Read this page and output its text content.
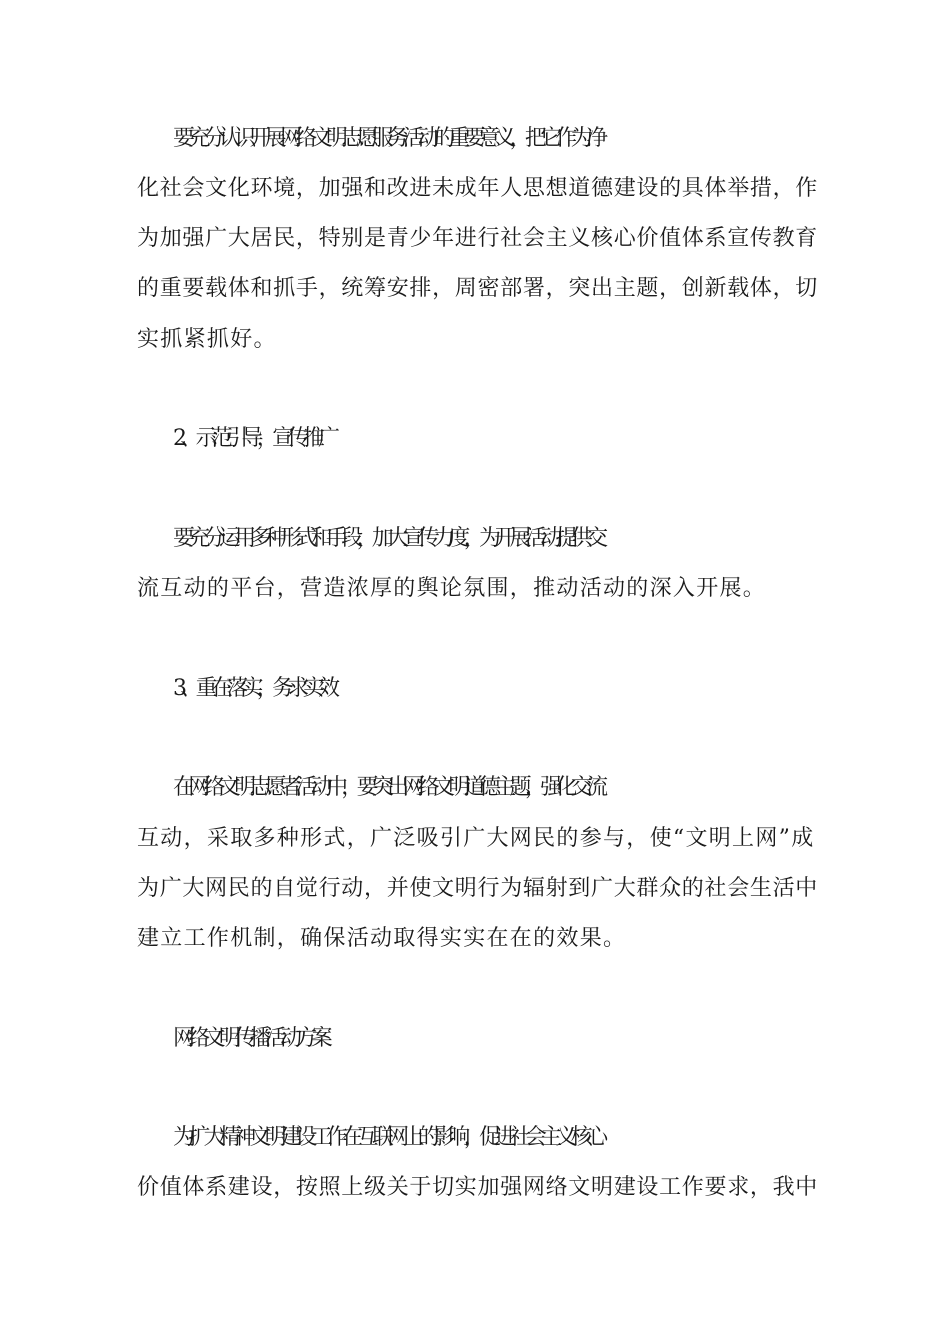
要充分认识开展网络文明志愿服务活动的重要意义，把它作为净
化社会文化环境，加强和改进未成年人思想道德建设的具体举措，作
为加强广大居民，特别是青少年进行社会主义核心价值体系宣传教育
的重要载体和抓手，统筹安排，周密部署，突出主题，创新载体，切
实抓紧抓好。
2、示范引导，宣传推广
要充分运用多种形式和手段，加大宣传力度，为开展活动提供交
流互动的平台，营造浓厚的舆论氛围，推动活动的深入开展。
3、重在落实，务求实效
在网络文明志愿者活动中，要突出网络文明道德主题，强化交流
互动，采取多种形式，广泛吸引广大网民的参与，使“文明上网”成
为广大网民的自觉行动，并使文明行为辐射到广大群众的社会生活中
建立工作机制，确保活动取得实实在在的效果。
网络文明传播活动方案
为扩大精神文明建设工作在互联网上的影响，促进社会主义核心
价值体系建设，按照上级关于切实加强网络文明建设工作要求，我中
